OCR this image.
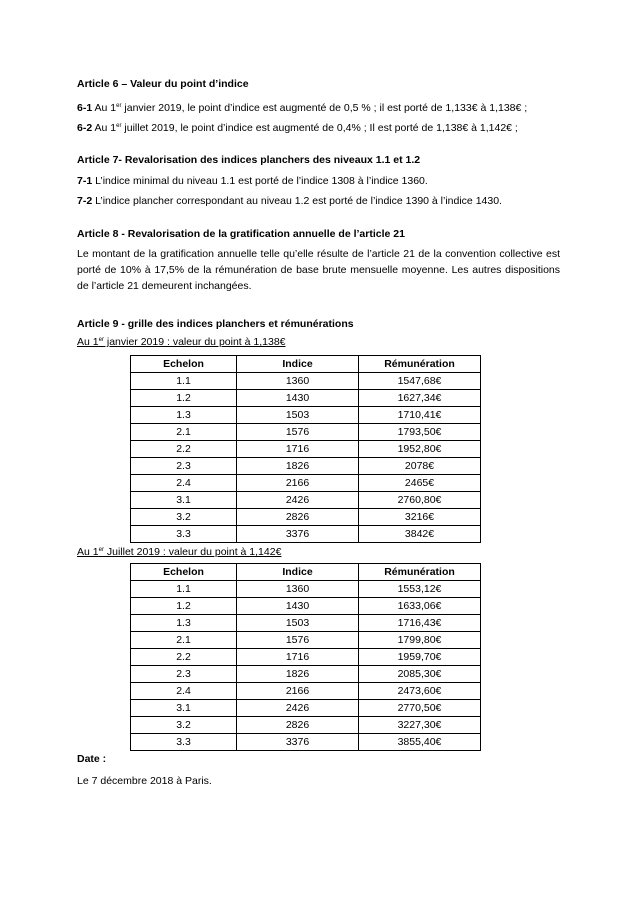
Article 6 – Valeur du point d’indice
6-1 Au 1er janvier 2019, le point d’indice est augmenté de 0,5 % ; il est porté de 1,133€ à 1,138€ ;
6-2 Au 1er juillet 2019, le point d’indice est augmenté de 0,4% ; Il est porté de 1,138€ à 1,142€ ;
Article 7- Revalorisation des indices planchers des niveaux 1.1 et 1.2
7-1 L’indice minimal du niveau 1.1 est porté de l’indice 1308 à l’indice 1360.
7-2 L’indice plancher correspondant au niveau 1.2 est porté de l’indice 1390 à l’indice 1430.
Article 8 - Revalorisation de la gratification annuelle de l’article 21
Le montant de la gratification annuelle telle qu’elle résulte de l’article 21 de la convention collective est porté de 10% à 17,5% de la rémunération de base brute mensuelle moyenne. Les autres dispositions de l’article 21 demeurent inchangées.
Article 9 - grille des indices planchers et rémunérations
Au 1er janvier 2019 : valeur du point à 1,138€
Echelon	Indice	Rémunération
1.1	1360	1547,68€
1.2	1430	1627,34€
1.3	1503	1710,41€
2.1	1576	1793,50€
2.2	1716	1952,80€
2.3	1826	2078€
2.4	2166	2465€
3.1	2426	2760,80€
3.2	2826	3216€
3.3	3376	3842€
Au 1er Juillet 2019 : valeur du point à 1,142€
Echelon	Indice	Rémunération
1.1	1360	1553,12€
1.2	1430	1633,06€
1.3	1503	1716,43€
2.1	1576	1799,80€
2.2	1716	1959,70€
2.3	1826	2085,30€
2.4	2166	2473,60€
3.1	2426	2770,50€
3.2	2826	3227,30€
3.3	3376	3855,40€
Date :
Le 7 décembre 2018 à Paris.
